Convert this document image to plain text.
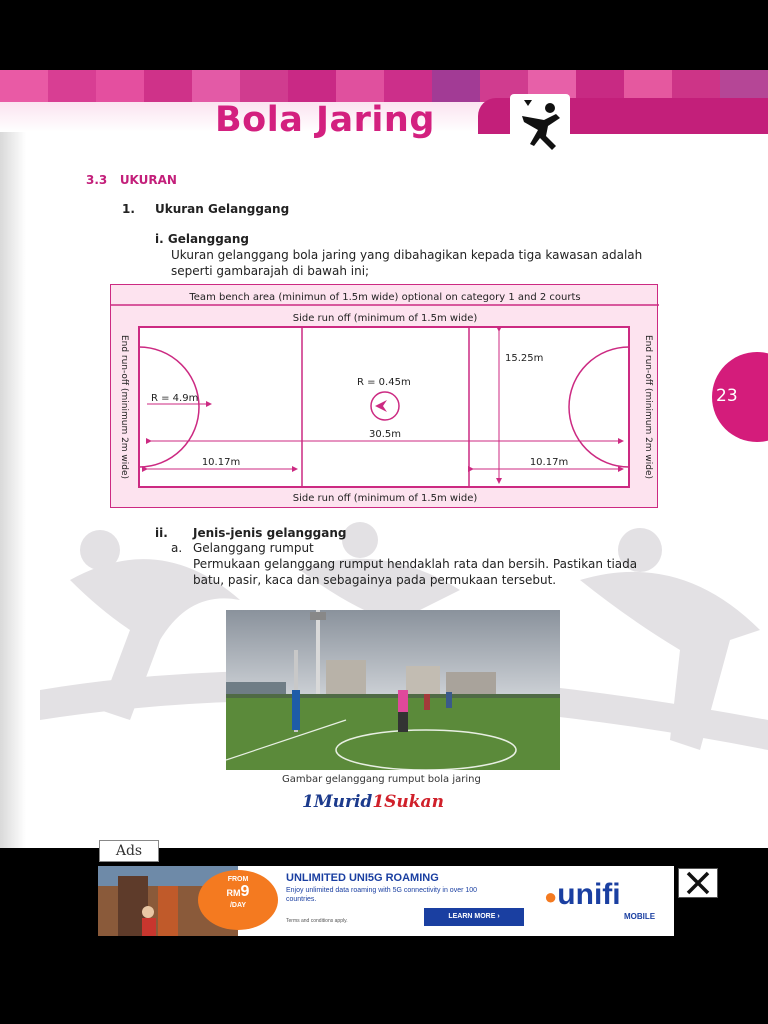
Bola Jaring
3.3 UKURAN
1. Ukuran Gelanggang
i. Gelanggang
Ukuran gelanggang bola jaring yang dibahagikan kepada tiga kawasan adalah seperti gambarajah di bawah ini;
Team bench area (minimun of 1.5m wide) optional on category 1 and 2 courts
Side run off (minimum of 1.5m wide)
Side run off (minimum of 1.5m wide)
End run-off (minimum 2m wide)	End run-off (minimum 2m wide)
15.25m
R = 4.9m
R = 0.45m
30.5m
10.17m	10.17m
23
ii. Jenis-jenis gelanggang
a. Gelanggang rumput
Permukaan gelanggang rumput hendaklah rata dan bersih. Pastikan tiada batu, pasir, kaca dan sebagainya pada permukaan tersebut.
Gambar gelanggang rumput bola jaring
1Murid1Sukan
Ads
FROM
RM9
/DAY
UNLIMITED UNI5G ROAMING
Enjoy unlimited data roaming with 5G connectivity in over 100 countries.
Terms and conditions apply.
LEARN MORE ›
●unifi
MOBILE
